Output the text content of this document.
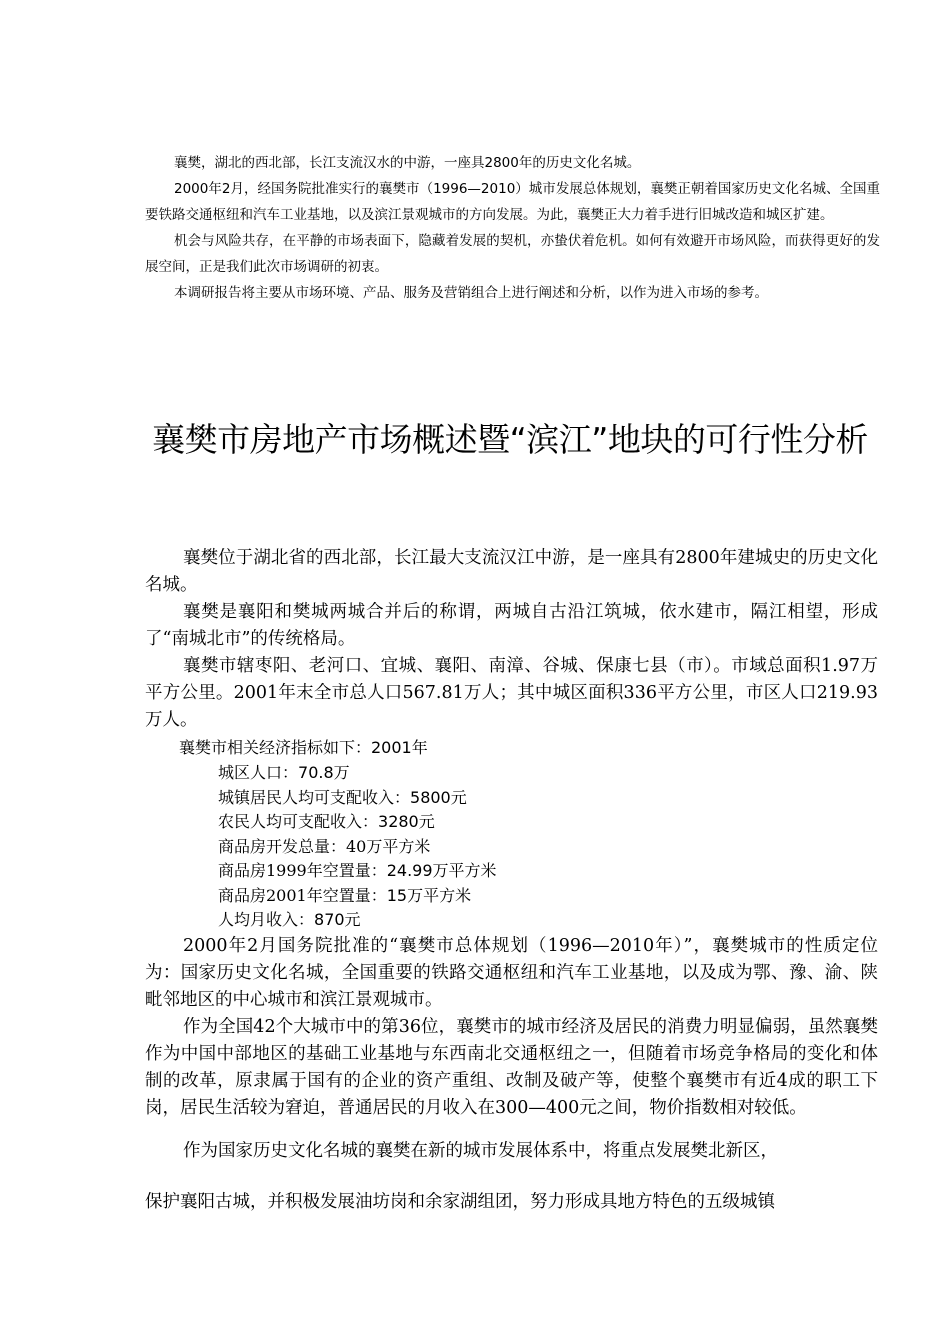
襄樊，湖北的西北部，长江支流汉水的中游，一座具2800年的历史文化名城。

2000年2月，经国务院批准实行的襄樊市（1996—2010）城市发展总体规划，襄樊正朝着国家历史文化名城、全国重要铁路交通枢纽和汽车工业基地，以及滨江景观城市的方向发展。为此，襄樊正大力着手进行旧城改造和城区扩建。

机会与风险共存，在平静的市场表面下，隐藏着发展的契机，亦蛰伏着危机。如何有效避开市场风险，而获得更好的发展空间，正是我们此次市场调研的初衷。

本调研报告将主要从市场环境、产品、服务及营销组合上进行阐述和分析，以作为进入市场的参考。

襄樊市房地产市场概述暨“滨江”地块的可行性分析

襄樊位于湖北省的西北部，长江最大支流汉江中游，是一座具有2800年建城史的历史文化名城。

襄樊是襄阳和樊城两城合并后的称谓，两城自古沿江筑城，依水建市，隔江相望，形成了“南城北市”的传统格局。

襄樊市辖枣阳、老河口、宜城、襄阳、南漳、谷城、保康七县（市）。市域总面积1.97万平方公里。2001年末全市总人口567.81万人；其中城区面积336平方公里，市区人口219.93万人。

襄樊市相关经济指标如下：2001年

城区人口：70.8万

城镇居民人均可支配收入：5800元

农民人均可支配收入：3280元

商品房开发总量：40万平方米

商品房1999年空置量：24.99万平方米

商品房2001年空置量：15万平方米

人均月收入：870元

2000年2月国务院批准的“襄樊市总体规划（1996—2010年）”，襄樊城市的性质定位为：国家历史文化名城，全国重要的铁路交通枢纽和汽车工业基地，以及成为鄂、豫、渝、陕毗邻地区的中心城市和滨江景观城市。

作为全国42个大城市中的第36位，襄樊市的城市经济及居民的消费力明显偏弱，虽然襄樊作为中国中部地区的基础工业基地与东西南北交通枢纽之一，但随着市场竞争格局的变化和体制的改革，原隶属于国有的企业的资产重组、改制及破产等，使整个襄樊市有近4成的职工下岗，居民生活较为窘迫，普通居民的月收入在300—400元之间，物价指数相对较低。

作为国家历史文化名城的襄樊在新的城市发展体系中，将重点发展樊北新区，

保护襄阳古城，并积极发展油坊岗和余家湖组团，努力形成具地方特色的五级城镇
